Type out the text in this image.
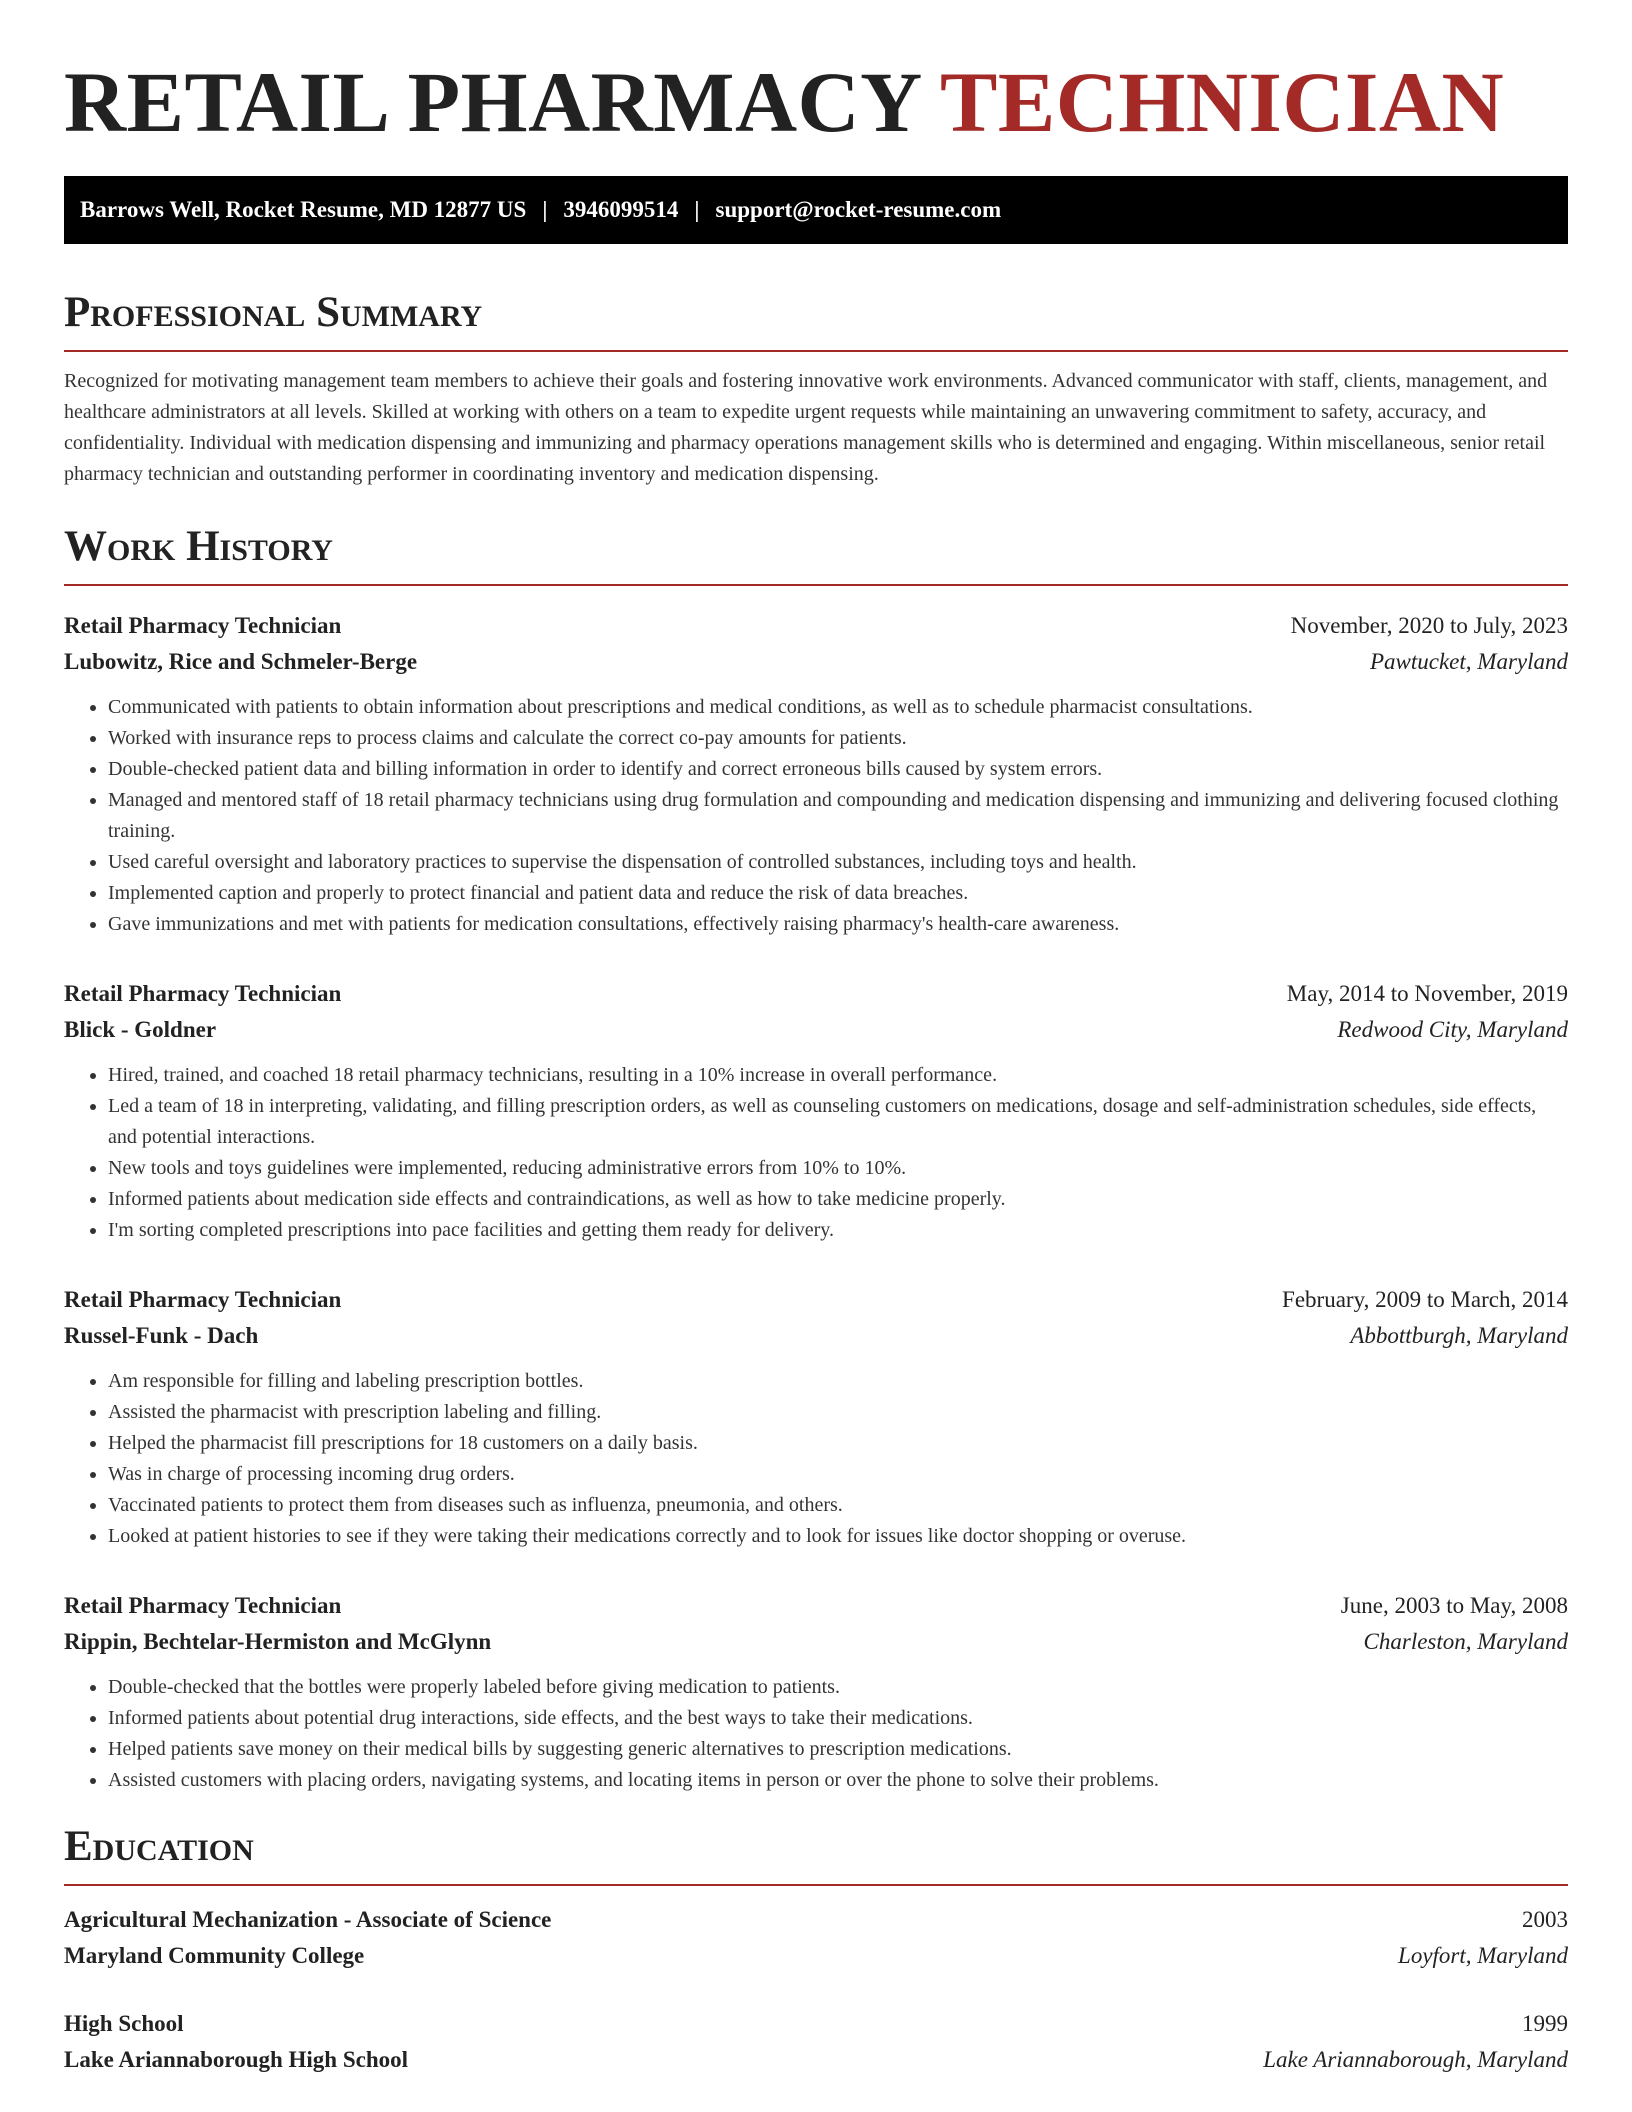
RETAIL PHARMACY TECHNICIAN
Barrows Well, Rocket Resume, MD 12877 US | 3946099514 | support@rocket-resume.com
Professional Summary

Recognized for motivating management team members to achieve their goals and fostering innovative work environments. Advanced communicator with staff, clients, management, and healthcare administrators at all levels. Skilled at working with others on a team to expedite urgent requests while maintaining an unwavering commitment to safety, accuracy, and confidentiality. Individual with medication dispensing and immunizing and pharmacy operations management skills who is determined and engaging. Within miscellaneous, senior retail pharmacy technician and outstanding performer in coordinating inventory and medication dispensing.

Work History
Retail Pharmacy Technician	November, 2020 to July, 2023
Lubowitz, Rice and Schmeler-Berge	Pawtucket, Maryland
• Communicated with patients to obtain information about prescriptions and medical conditions, as well as to schedule pharmacist consultations.
• Worked with insurance reps to process claims and calculate the correct co-pay amounts for patients.
• Double-checked patient data and billing information in order to identify and correct erroneous bills caused by system errors.
• Managed and mentored staff of 18 retail pharmacy technicians using drug formulation and compounding and medication dispensing and immunizing and delivering focused clothing training.
• Used careful oversight and laboratory practices to supervise the dispensation of controlled substances, including toys and health.
• Implemented caption and properly to protect financial and patient data and reduce the risk of data breaches.
• Gave immunizations and met with patients for medication consultations, effectively raising pharmacy's health-care awareness.
Retail Pharmacy Technician	May, 2014 to November, 2019
Blick - Goldner	Redwood City, Maryland
• Hired, trained, and coached 18 retail pharmacy technicians, resulting in a 10% increase in overall performance.
• Led a team of 18 in interpreting, validating, and filling prescription orders, as well as counseling customers on medications, dosage and self-administration schedules, side effects, and potential interactions.
• New tools and toys guidelines were implemented, reducing administrative errors from 10% to 10%.
• Informed patients about medication side effects and contraindications, as well as how to take medicine properly.
• I'm sorting completed prescriptions into pace facilities and getting them ready for delivery.
Retail Pharmacy Technician	February, 2009 to March, 2014
Russel-Funk - Dach	Abbottburgh, Maryland
• Am responsible for filling and labeling prescription bottles.
• Assisted the pharmacist with prescription labeling and filling.
• Helped the pharmacist fill prescriptions for 18 customers on a daily basis.
• Was in charge of processing incoming drug orders.
• Vaccinated patients to protect them from diseases such as influenza, pneumonia, and others.
• Looked at patient histories to see if they were taking their medications correctly and to look for issues like doctor shopping or overuse.
Retail Pharmacy Technician	June, 2003 to May, 2008
Rippin, Bechtelar-Hermiston and McGlynn	Charleston, Maryland
• Double-checked that the bottles were properly labeled before giving medication to patients.
• Informed patients about potential drug interactions, side effects, and the best ways to take their medications.
• Helped patients save money on their medical bills by suggesting generic alternatives to prescription medications.
• Assisted customers with placing orders, navigating systems, and locating items in person or over the phone to solve their problems.
Education
Agricultural Mechanization - Associate of Science	2003
Maryland Community College	Loyfort, Maryland
High School	1999
Lake Ariannaborough High School	Lake Ariannaborough, Maryland
